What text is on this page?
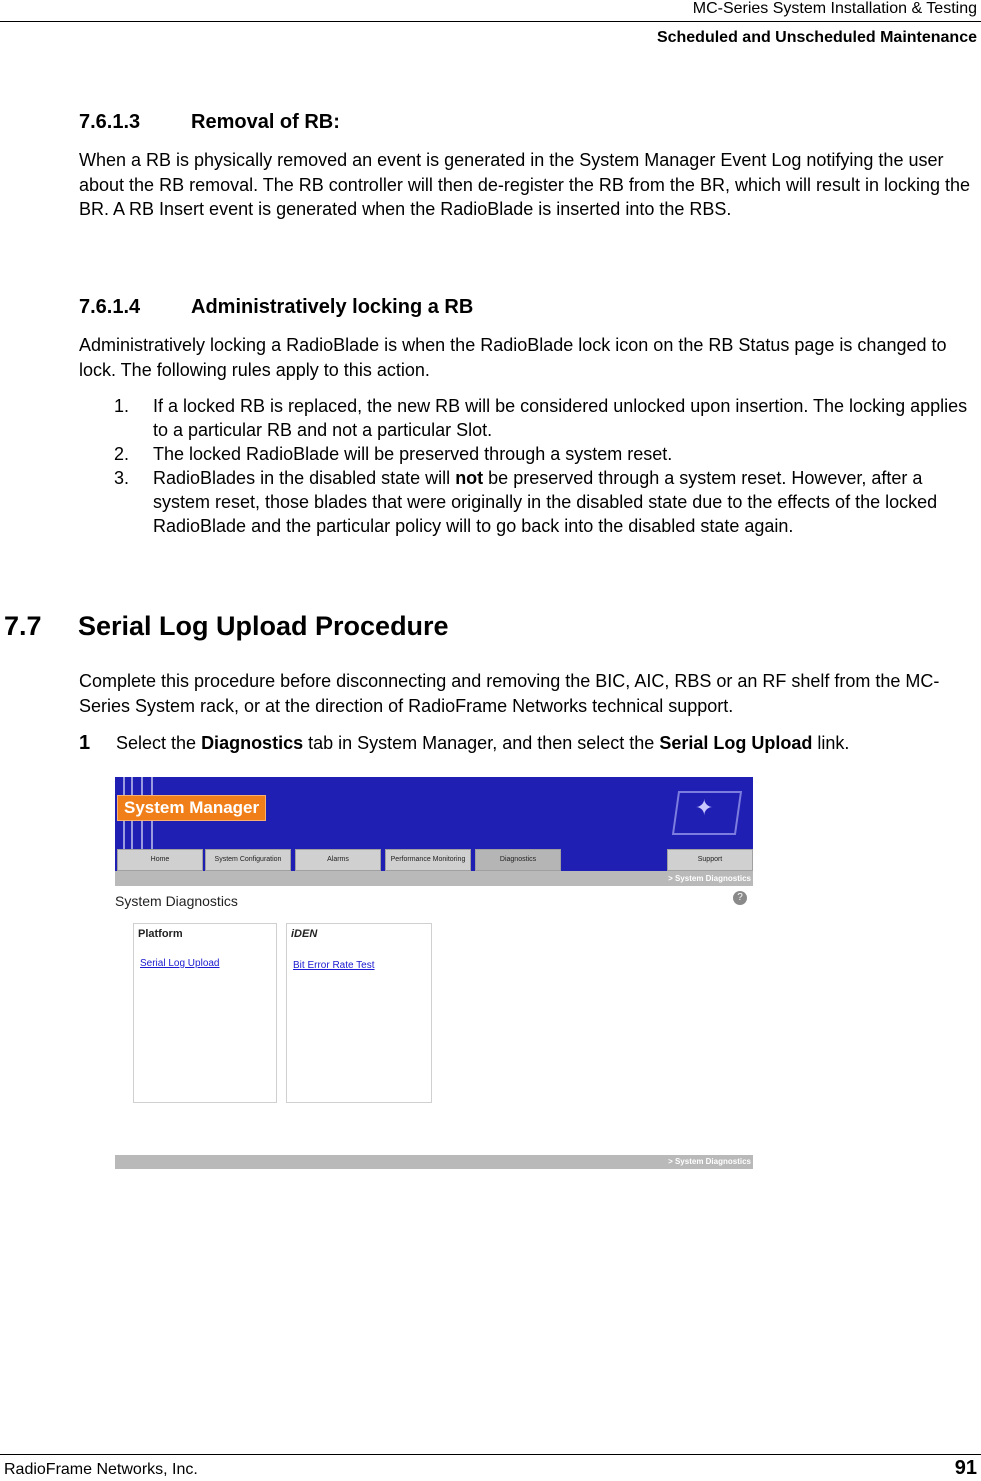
MC-Series System Installation & Testing
Scheduled and Unscheduled Maintenance
7.6.1.3	Removal of RB:
When a RB is physically removed an event is generated in the System Manager Event Log notifying the user about the RB removal. The RB controller will then de-register the RB from the BR, which will result in locking the BR. A RB Insert event is generated when the RadioBlade is inserted into the RBS.
7.6.1.4	Administratively locking a RB
Administratively locking a RadioBlade is when the RadioBlade lock icon on the RB Status page is changed to lock. The following rules apply to this action.
1. If a locked RB is replaced, the new RB will be considered unlocked upon insertion. The locking applies to a particular RB and not a particular Slot.
2. The locked RadioBlade will be preserved through a system reset.
3. RadioBlades in the disabled state will not be preserved through a system reset. However, after a system reset, those blades that were originally in the disabled state due to the effects of the locked RadioBlade and the particular policy will to go back into the disabled state again.
7.7 Serial Log Upload Procedure
Complete this procedure before disconnecting and removing the BIC, AIC, RBS or an RF shelf from the MC-Series System rack, or at the direction of RadioFrame Networks technical support.
1 Select the Diagnostics tab in System Manager, and then select the Serial Log Upload link.
System Manager	✦
Home	System Configuration	Alarms	Performance Monitoring	Diagnostics	Support
> System Diagnostics
System Diagnostics	?
Platform
Serial Log Upload
iDEN
Bit Error Rate Test
> System Diagnostics
RadioFrame Networks, Inc.	91
